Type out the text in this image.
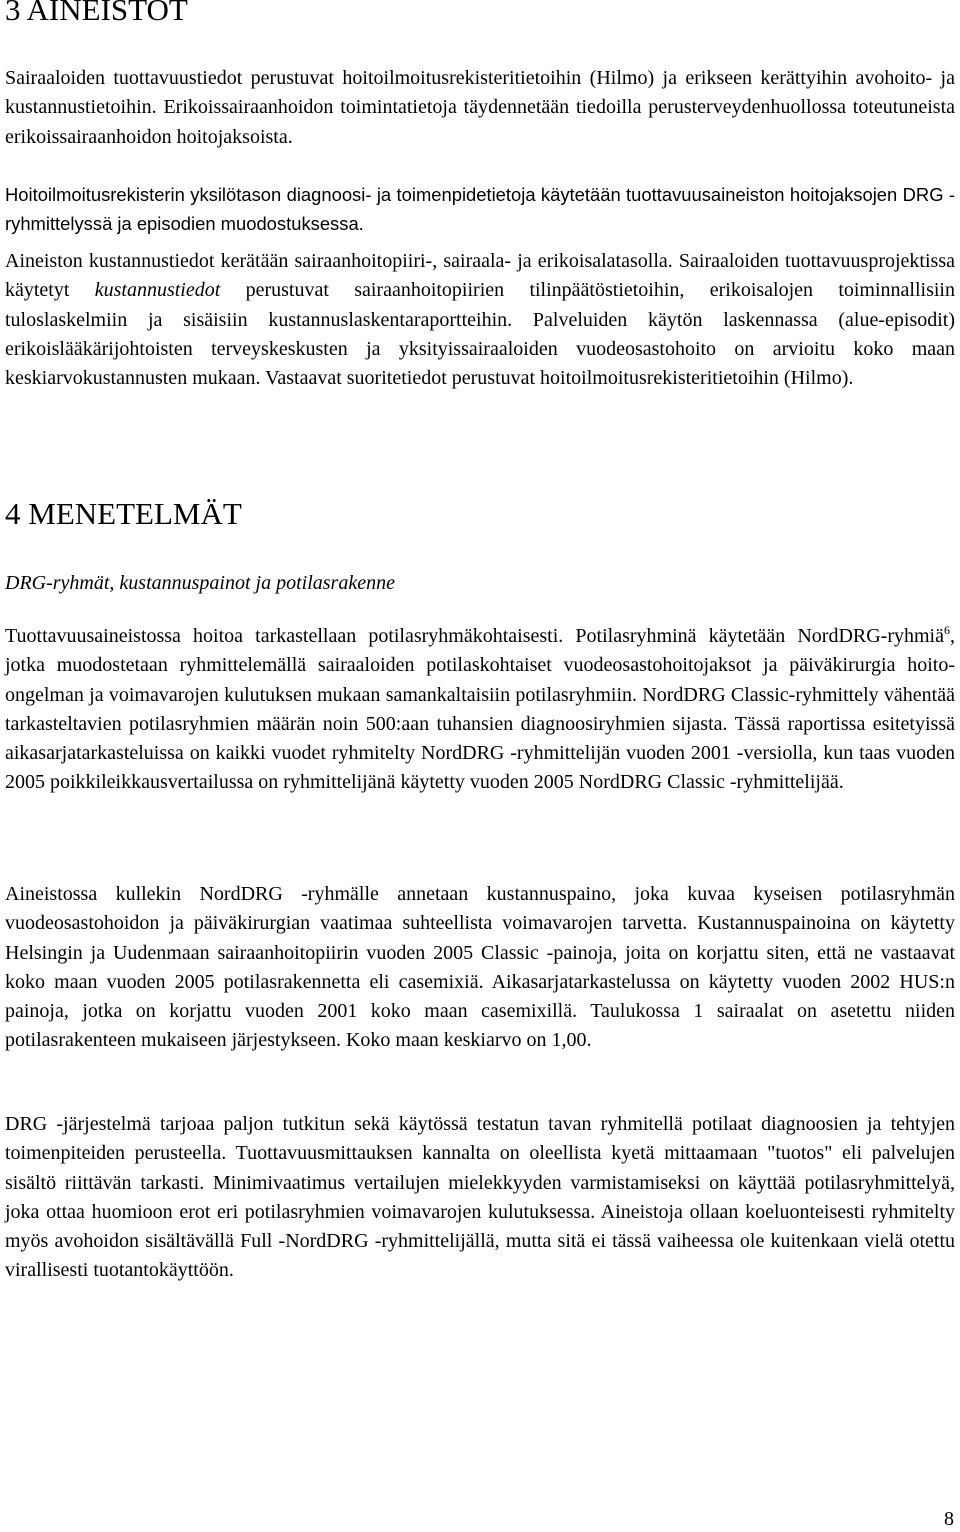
3 AINEISTOT

Sairaaloiden tuottavuustiedot perustuvat hoitoilmoitusrekisteritietoihin (Hilmo) ja erikseen kerättyihin avohoito- ja kustannustietoihin. Erikoissairaanhoidon toimintatietoja täydennetään tiedoilla perusterveydenhuollossa toteutuneista erikoissairaanhoidon hoitojaksoista.

Hoitoilmoitusrekisterin yksilötason diagnoosi- ja toimenpidetietoja käytetään tuottavuusaineiston hoitojaksojen DRG -ryhmittelyssä ja episodien muodostuksessa.

Aineiston kustannustiedot kerätään sairaanhoitopiiri-, sairaala- ja erikoisalatasolla. Sairaaloiden tuottavuusprojektissa käytetyt kustannustiedot perustuvat sairaanhoitopiirien tilinpäätöstietoihin, erikoisalojen toiminnallisiin tuloslaskelmiin ja sisäisiin kustannuslaskentaraportteihin. Palveluiden käytön laskennassa (alue-episodit) erikoislääkärijohtoisten terveyskeskusten ja yksityissairaaloiden vuodeosastohoito on arvioitu koko maan keskiarvokustannusten mukaan. Vastaavat suoritetiedot perustuvat hoitoilmoitusrekisteritietoihin (Hilmo).

4 MENETELMÄT
DRG-ryhmät, kustannuspainot ja potilasrakenne

Tuottavuusaineistossa hoitoa tarkastellaan potilasryhmäkohtaisesti. Potilasryhminä käytetään NordDRG-ryhmiä$^6$, jotka muodostetaan ryhmittelemällä sairaaloiden potilaskohtaiset vuodeosastohoitojaksot ja päiväkirurgia hoito-ongelman ja voimavarojen kulutuksen mukaan samankaltaisiin potilasryhmiin. NordDRG Classic-ryhmittely vähentää tarkasteltavien potilasryhmien määrän noin 500:aan tuhansien diagnoosiryhmien sijasta. Tässä raportissa esitetyissä aikasarjatarkasteluissa on kaikki vuodet ryhmitelty NordDRG -ryhmittelijän vuoden 2001 -versiolla, kun taas vuoden 2005 poikkileikkausvertailussa on ryhmittelijänä käytetty vuoden 2005 NordDRG Classic -ryhmittelijää.

Aineistossa kullekin NordDRG -ryhmälle annetaan kustannuspaino, joka kuvaa kyseisen potilasryhmän vuodeosastohoidon ja päiväkirurgian vaatimaa suhteellista voimavarojen tarvetta. Kustannuspainoina on käytetty Helsingin ja Uudenmaan sairaanhoitopiirin vuoden 2005 Classic -painoja, joita on korjattu siten, että ne vastaavat koko maan vuoden 2005 potilasrakennetta eli casemixiä. Aikasarjatarkastelussa on käytetty vuoden 2002 HUS:n painoja, jotka on korjattu vuoden 2001 koko maan casemixillä. Taulukossa 1 sairaalat on asetettu niiden potilasrakenteen mukaiseen järjestykseen. Koko maan keskiarvo on 1,00.

DRG -järjestelmä tarjoaa paljon tutkitun sekä käytössä testatun tavan ryhmitellä potilaat diagnoosien ja tehtyjen toimenpiteiden perusteella. Tuottavuusmittauksen kannalta on oleellista kyetä mittaamaan "tuotos" eli palvelujen sisältö riittävän tarkasti. Minimivaatimus vertailujen mielekkyyden varmistamiseksi on käyttää potilasryhmittelyä, joka ottaa huomioon erot eri potilasryhmien voimavarojen kulutuksessa. Aineistoja ollaan koeluonteisesti ryhmitelty myös avohoidon sisältävällä Full -NordDRG -ryhmittelijällä, mutta sitä ei tässä vaiheessa ole kuitenkaan vielä otettu virallisesti tuotantokäyttöön.

8
